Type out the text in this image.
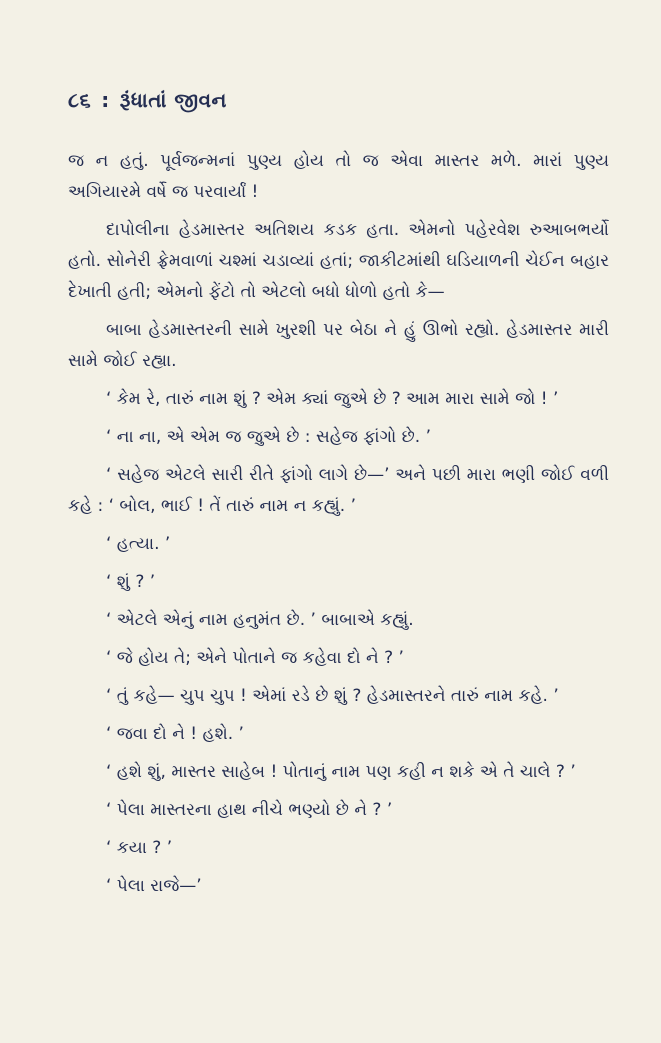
૮૬ : રૂંધાતાં જીવન

જ ન હતું. પૂર્વજન્મનાં પુણ્ય હોય તો જ એવા માસ્તર મળે. મારાં પુણ્ય અગિયારમે વર્ષે જ પરવાર્યાં !

દાપોલીના હેડમાસ્તર અતિશય કડક હતા. એમનો પહેરવેશ રુઆબભર્યો હતો. સોનેરી ફ્રેમવાળાં ચશ્માં ચડાવ્યાં હતાં; જાકીટમાંથી ઘડિયાળની ચેઈન બહાર દેખાતી હતી; એમનો ફેંટો તો એટલો બધો ધોળો હતો કે—

બાબા હેડમાસ્તરની સામે ખુરશી પર બેઠા ને હું ઊભો રહ્યો. હેડમાસ્તર મારી સામે જોઈ રહ્યા.

‘ કેમ રે, તારું નામ શું ? એમ ક્યાં જુએ છે ? આમ મારા સામે જો ! ’

‘ ના ના, એ એમ જ જુએ છે : સહેજ ફાંગો છે. ’

‘ સહેજ એટલે સારી રીતે ફાંગો લાગે છે—’ અને પછી મારા ભણી જોઈ વળી કહે : ‘ બોલ, ભાઈ ! તેં તારું નામ ન કહ્યું. ’

‘ હત્યા. ’

‘ શું ? ’

‘ એટલે એનું નામ હનુમંત છે. ’ બાબાએ કહ્યું.

‘ જે હોય તે; એને પોતાને જ કહેવા દો ને ? ’

‘ તું કહે— ચુપ ચુપ ! એમાં રડે છે શું ? હેડમાસ્તરને તારું નામ કહે. ’

‘ જવા દો ને ! હશે. ’

‘ હશે શું, માસ્તર સાહેબ ! પોતાનું નામ પણ કહી ન શકે એ તે ચાલે ? ’

‘ પેલા માસ્તરના હાથ નીચે ભણ્યો છે ને ? ’

‘ કયા ? ’

‘ પેલા રાજે—’
